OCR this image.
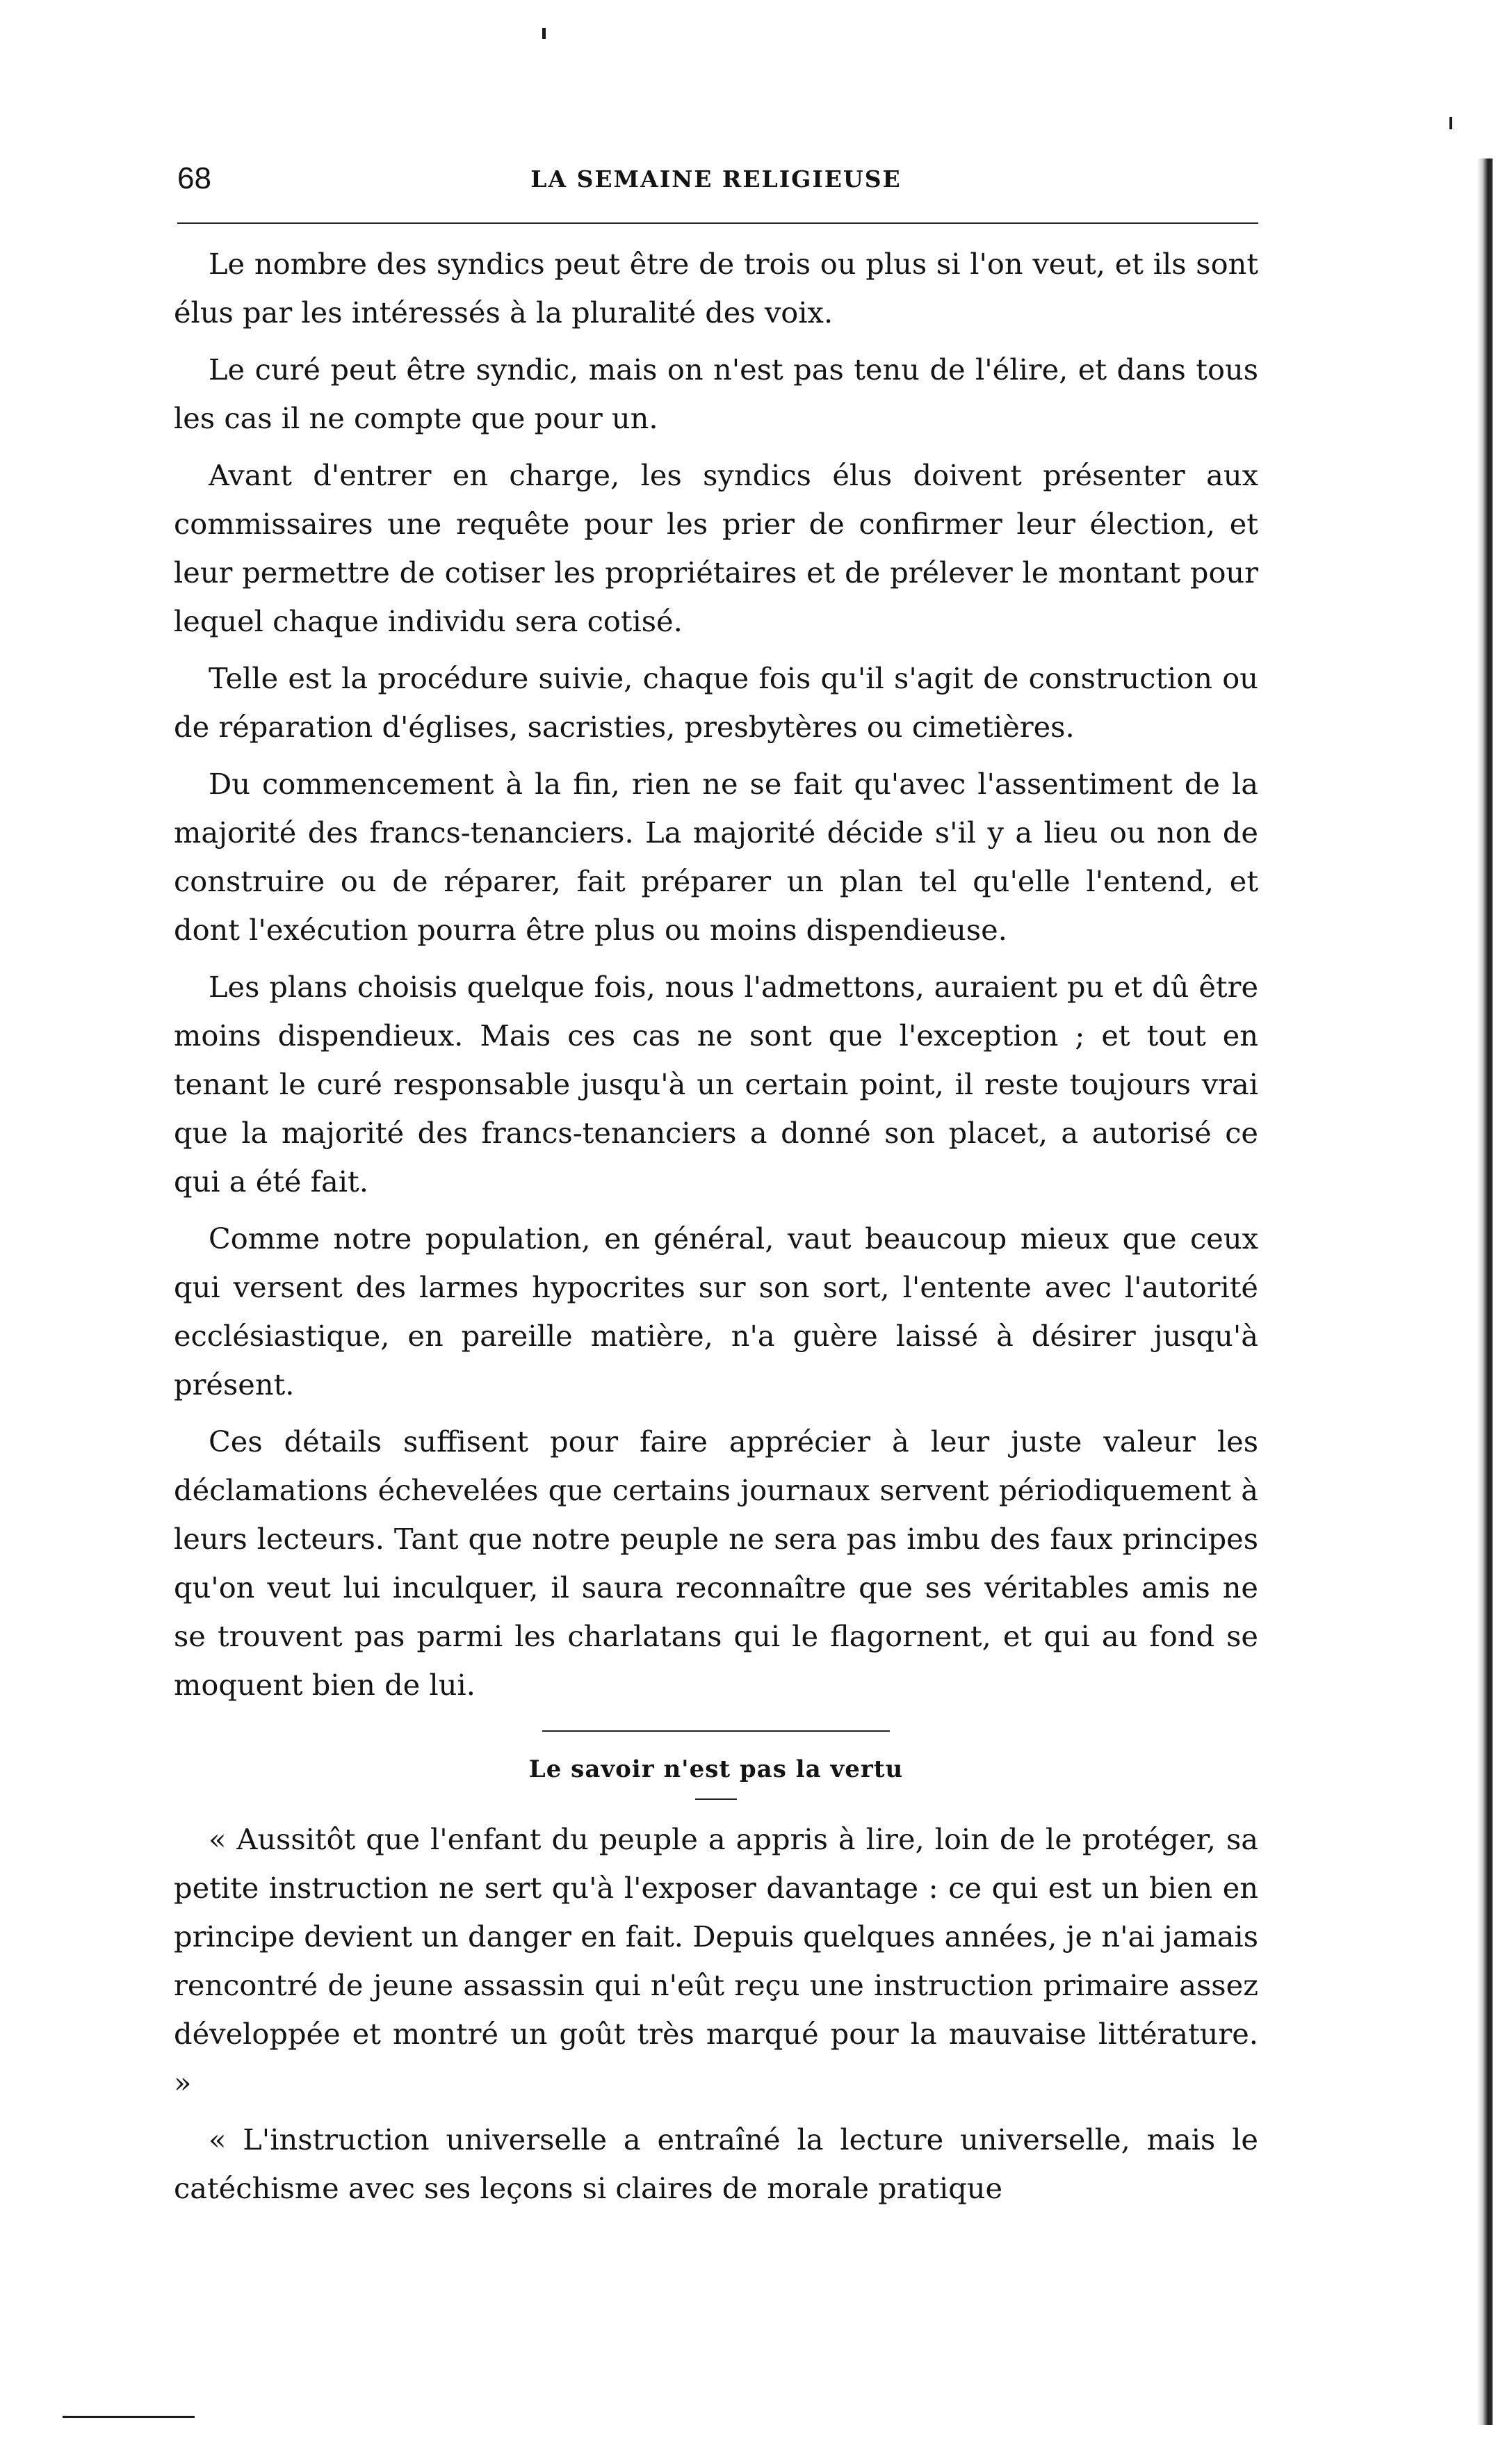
68	LA SEMAINE RELIGIEUSE

Le nombre des syndics peut être de trois ou plus si l'on veut, et ils sont élus par les intéressés à la pluralité des voix.

Le curé peut être syndic, mais on n'est pas tenu de l'élire, et dans tous les cas il ne compte que pour un.

Avant d'entrer en charge, les syndics élus doivent présenter aux commissaires une requête pour les prier de confirmer leur élection, et leur permettre de cotiser les propriétaires et de prélever le montant pour lequel chaque individu sera cotisé.

Telle est la procédure suivie, chaque fois qu'il s'agit de construction ou de réparation d'églises, sacristies, presbytères ou cimetières.

Du commencement à la fin, rien ne se fait qu'avec l'assentiment de la majorité des francs-tenanciers. La majorité décide s'il y a lieu ou non de construire ou de réparer, fait préparer un plan tel qu'elle l'entend, et dont l'exécution pourra être plus ou moins dispendieuse.

Les plans choisis quelque fois, nous l'admettons, auraient pu et dû être moins dispendieux. Mais ces cas ne sont que l'exception ; et tout en tenant le curé responsable jusqu'à un certain point, il reste toujours vrai que la majorité des francs-tenanciers a donné son placet, a autorisé ce qui a été fait.

Comme notre population, en général, vaut beaucoup mieux que ceux qui versent des larmes hypocrites sur son sort, l'entente avec l'autorité ecclésiastique, en pareille matière, n'a guère laissé à désirer jusqu'à présent.

Ces détails suffisent pour faire apprécier à leur juste valeur les déclamations échevelées que certains journaux servent périodiquement à leurs lecteurs. Tant que notre peuple ne sera pas imbu des faux principes qu'on veut lui inculquer, il saura reconnaître que ses véritables amis ne se trouvent pas parmi les charlatans qui le flagornent, et qui au fond se moquent bien de lui.

Le savoir n'est pas la vertu

« Aussitôt que l'enfant du peuple a appris à lire, loin de le protéger, sa petite instruction ne sert qu'à l'exposer davantage : ce qui est un bien en principe devient un danger en fait. Depuis quelques années, je n'ai jamais rencontré de jeune assassin qui n'eût reçu une instruction primaire assez développée et montré un goût très marqué pour la mauvaise littérature. »

« L'instruction universelle a entraîné la lecture universelle, mais le catéchisme avec ses leçons si claires de morale pratique
